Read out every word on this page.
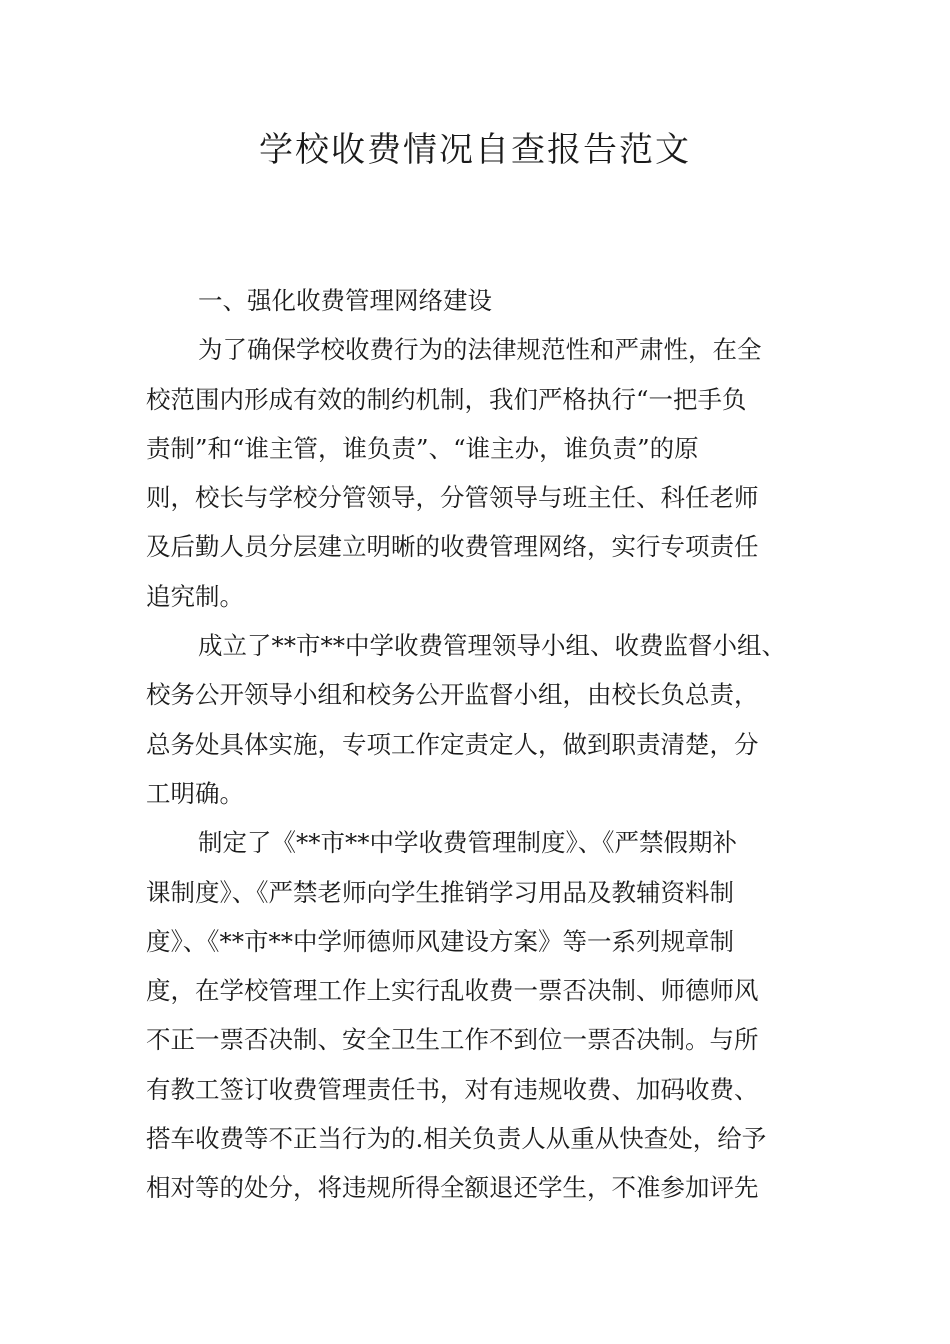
学校收费情况自查报告范文
一、强化收费管理网络建设
为了确保学校收费行为的法律规范性和严肃性，在全
校范围内形成有效的制约机制，我们严格执行“一把手负
责制”和“谁主管，谁负责”、“谁主办，谁负责”的原
则，校长与学校分管领导，分管领导与班主任、科任老师
及后勤人员分层建立明晰的收费管理网络，实行专项责任
追究制。
成立了**市**中学收费管理领导小组、收费监督小组、
校务公开领导小组和校务公开监督小组，由校长负总责，
总务处具体实施，专项工作定责定人，做到职责清楚，分
工明确。
制定了《**市**中学收费管理制度》、《严禁假期补
课制度》、《严禁老师向学生推销学习用品及教辅资料制
度》、《**市**中学师德师风建设方案》等一系列规章制
度，在学校管理工作上实行乱收费一票否决制、师德师风
不正一票否决制、安全卫生工作不到位一票否决制。与所
有教工签订收费管理责任书，对有违规收费、加码收费、
搭车收费等不正当行为的.相关负责人从重从快查处，给予
相对等的处分，将违规所得全额退还学生，不准参加评先
